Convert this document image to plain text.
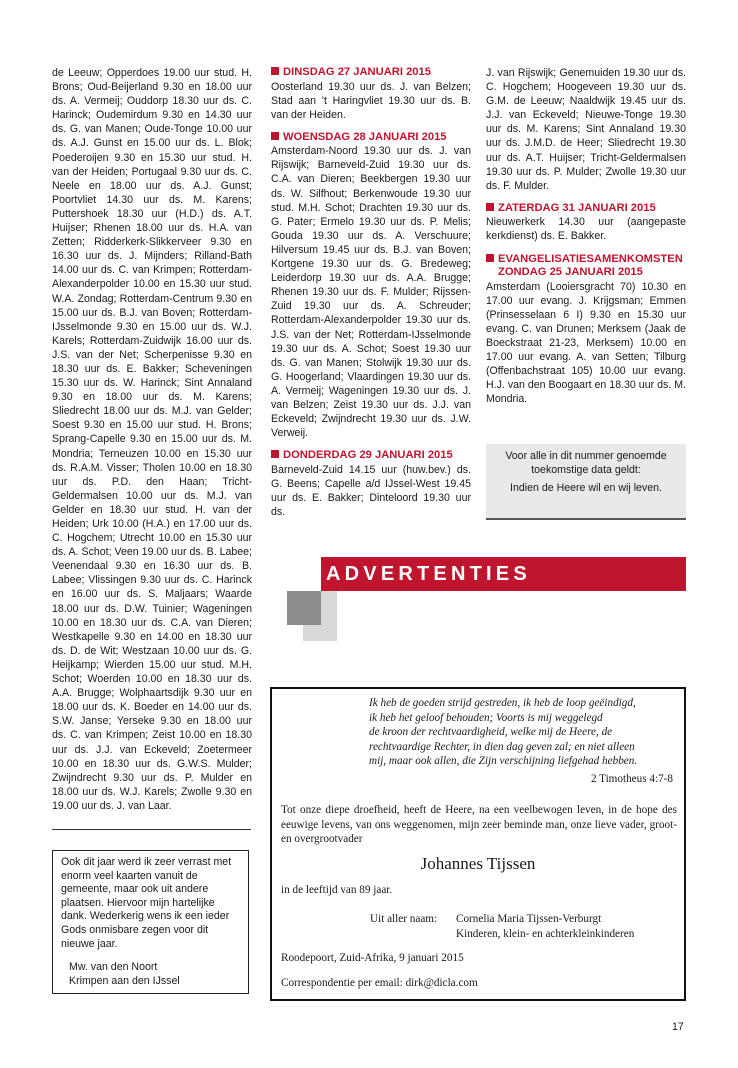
de Leeuw; Opperdoes 19.00 uur stud. H. Brons; Oud-Beijerland 9.30 en 18.00 uur ds. A. Vermeij; Ouddorp 18.30 uur ds. C. Harinck; Oudemirdum 9.30 en 14.30 uur ds. G. van Manen; Oude-Tonge 10.00 uur ds. A.J. Gunst en 15.00 uur ds. L. Blok; Poederoijen 9.30 en 15.30 uur stud. H. van der Heiden; Portugaal 9.30 uur ds. C. Neele en 18.00 uur ds. A.J. Gunst; Poortvliet 14.30 uur ds. M. Karens; Puttershoek 18.30 uur (H.D.) ds. A.T. Huijser; Rhenen 18.00 uur ds. H.A. van Zetten; Ridderkerk-Slikkerveer 9.30 en 16.30 uur ds. J. Mijnders; Rilland-Bath 14.00 uur ds. C. van Krimpen; Rotterdam-Alexanderpolder 10.00 en 15.30 uur stud. W.A. Zondag; Rotterdam-Centrum 9.30 en 15.00 uur ds. B.J. van Boven; Rotterdam-IJsselmonde 9.30 en 15.00 uur ds. W.J. Karels; Rotterdam-Zuidwijk 16.00 uur ds. J.S. van der Net; Scherpenisse 9.30 en 18.30 uur ds. E. Bakker; Scheveningen 15.30 uur ds. W. Harinck; Sint Annaland 9.30 en 18.00 uur ds. M. Karens; Sliedrecht 18.00 uur ds. M.J. van Gelder; Soest 9.30 en 15.00 uur stud. H. Brons; Sprang-Capelle 9.30 en 15.00 uur ds. M. Mondria; Terneuzen 10.00 en 15.30 uur ds. R.A.M. Visser; Tholen 10.00 en 18.30 uur ds. P.D. den Haan; Tricht-Geldermalsen 10.00 uur ds. M.J. van Gelder en 18.30 uur stud. H. van der Heiden; Urk 10.00 (H.A.) en 17.00 uur ds. C. Hogchem; Utrecht 10.00 en 15.30 uur ds. A. Schot; Veen 19.00 uur ds. B. Labee; Veenendaal 9.30 en 16.30 uur ds. B. Labee; Vlissingen 9.30 uur ds. C. Harinck en 16.00 uur ds. S. Maljaars; Waarde 18.00 uur ds. D.W. Tuinier; Wageningen 10.00 en 18.30 uur ds. C.A. van Dieren; Westkapelle 9.30 en 14.00 en 18.30 uur ds. D. de Wit; Westzaan 10.00 uur ds. G. Heijkamp; Wierden 15.00 uur stud. M.H. Schot; Woerden 10.00 en 18.30 uur ds. A.A. Brugge; Wolphaartsdijk 9.30 uur en 18.00 uur ds. K. Boeder en 14.00 uur ds. S.W. Janse; Yerseke 9.30 en 18.00 uur ds. C. van Krimpen; Zeist 10.00 en 18.30 uur ds. J.J. van Eckeveld; Zoetermeer 10.00 en 18.30 uur ds. G.W.S. Mulder; Zwijndrecht 9.30 uur ds. P. Mulder en 18.00 uur ds. W.J. Karels; Zwolle 9.30 en 19.00 uur ds. J. van Laar.

DINSDAG 27 JANUARI 2015

Oosterland 19.30 uur ds. J. van Belzen; Stad aan ’t Haringvliet 19.30 uur ds. B. van der Heiden.

WOENSDAG 28 JANUARI 2015

Amsterdam-Noord 19.30 uur ds. J. van Rijswijk; Barneveld-Zuid 19.30 uur ds. C.A. van Dieren; Beekbergen 19.30 uur ds. W. Silfhout; Berkenwoude 19.30 uur stud. M.H. Schot; Drachten 19.30 uur ds. G. Pater; Ermelo 19.30 uur ds. P. Melis; Gouda 19.30 uur ds. A. Verschuure; Hilversum 19.45 uur ds. B.J. van Boven; Kortgene 19.30 uur ds. G. Bredeweg; Leiderdorp 19.30 uur ds. A.A. Brugge; Rhenen 19.30 uur ds. F. Mulder; Rijssen-Zuid 19.30 uur ds. A. Schreuder; Rotterdam-Alexanderpolder 19.30 uur ds. J.S. van der Net; Rotterdam-IJsselmonde 19.30 uur ds. A. Schot; Soest 19.30 uur ds. G. van Manen; Stolwijk 19.30 uur ds. G. Hoogerland; Vlaardingen 19.30 uur ds. A. Vermeij; Wageningen 19.30 uur ds. J. van Belzen; Zeist 19.30 uur ds. J.J. van Eckeveld; Zwijndrecht 19.30 uur ds. J.W. Verweij.

DONDERDAG 29 JANUARI 2015

Barneveld-Zuid 14.15 uur (huw.bev.) ds. G. Beens; Capelle a/d IJssel-West 19.45 uur ds. E. Bakker; Dinteloord 19.30 uur ds.

J. van Rijswijk; Genemuiden 19.30 uur ds. C. Hogchem; Hoogeveen 19.30 uur ds. G.M. de Leeuw; Naaldwijk 19.45 uur ds. J.J. van Eckeveld; Nieuwe-Tonge 19.30 uur ds. M. Karens; Sint Annaland 19.30 uur ds. J.M.D. de Heer; Sliedrecht 19.30 uur ds. A.T. Huijser; Tricht-Geldermalsen 19.30 uur ds. P. Mulder; Zwolle 19.30 uur ds. F. Mulder.

ZATERDAG 31 JANUARI 2015

Nieuwerkerk 14.30 uur (aangepaste kerkdienst) ds. E. Bakker.

EVANGELISATIESAMENKOMSTEN

ZONDAG 25 JANUARI 2015

Amsterdam (Looiersgracht 70) 10.30 en 17.00 uur evang. J. Krijgsman; Emmen (Prinsesselaan 6 I) 9.30 en 15.30 uur evang. C. van Drunen; Merksem (Jaak de Boeckstraat 21-23, Merksem) 10.00 en 17.00 uur evang. A. van Setten; Tilburg (Offenbachstraat 105) 10.00 uur evang. H.J. van den Boogaart en 18.30 uur ds. M. Mondria.

Voor alle in dit nummer genoemde toekomstige data geldt:

Indien de Heere wil en wij leven.

Ook dit jaar werd ik zeer verrast met enorm veel kaarten vanuit de gemeente, maar ook uit andere plaatsen. Hiervoor mijn hartelijke dank. Wederkerig wens ik een ieder Gods onmisbare zegen voor dit nieuwe jaar.

Mw. van den Noort

Krimpen aan den IJssel

ADVERTENTIES

Ik heb de goeden strijd gestreden, ik heb de loop geëindigd,

ik heb het geloof behouden; Voorts is mij weggelegd

de kroon der rechtvaardigheid, welke mij de Heere, de

rechtvaardige Rechter, in dien dag geven zal; en niet alleen

mij, maar ook allen, die Zijn verschijning liefgehad hebben.

2 Timotheus 4:7-8
Tot onze diepe droefheid, heeft de Heere, na een veelbewogen leven, in de hope des eeuwige levens, van ons weggenomen, mijn zeer beminde man, onze lieve vader, groot- en overgrootvader
Johannes Tijssen
in de leeftijd van 89 jaar.
Uit aller naam: Cornelia Maria Tijssen-Verburgt

Kinderen, klein- en achterkleinkinderen

Roodepoort, Zuid-Afrika, 9 januari 2015
Correspondentie per email: dirk@dicla.com
17
